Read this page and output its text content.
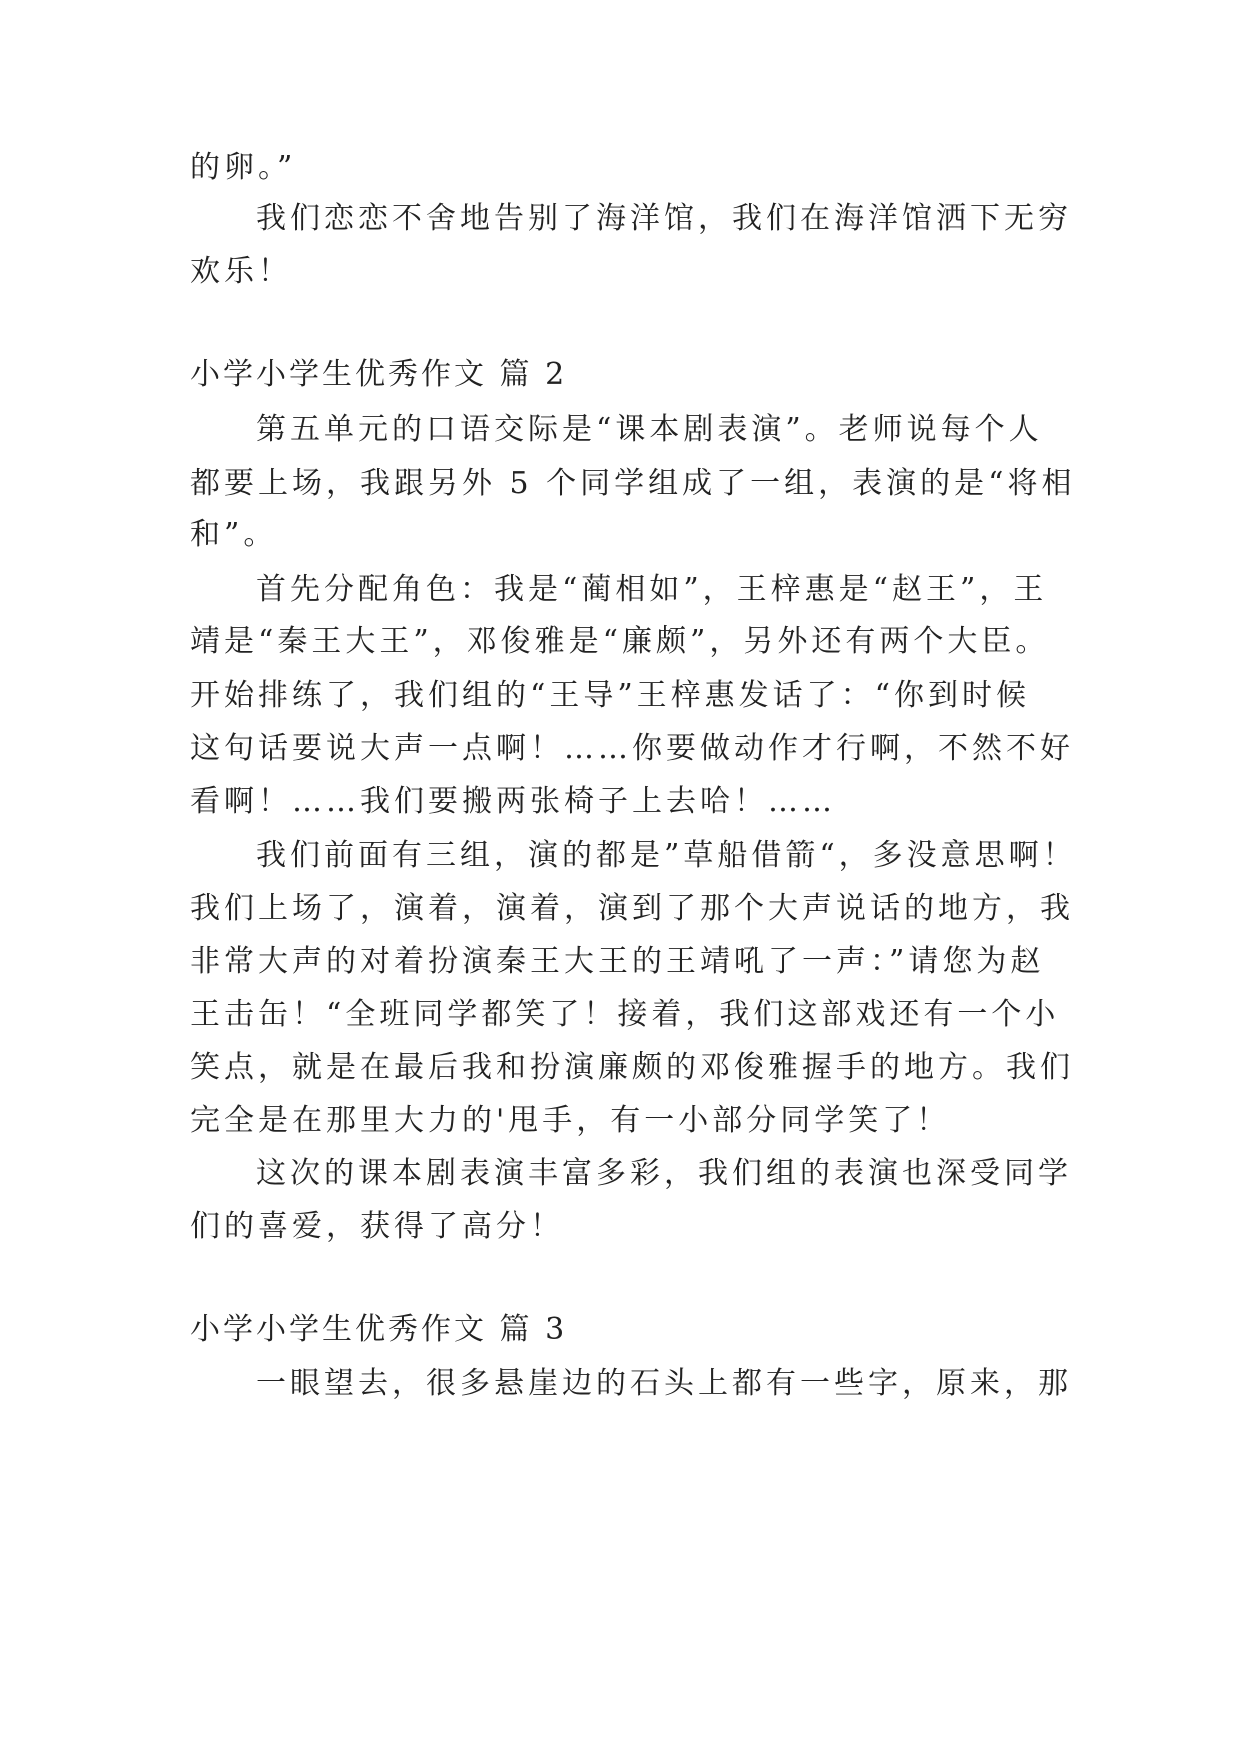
的卵。”
我们恋恋不舍地告别了海洋馆，我们在海洋馆洒下无穷
欢乐！
小学小学生优秀作文 篇 2
第五单元的口语交际是“课本剧表演”。老师说每个人
都要上场，我跟另外 5 个同学组成了一组，表演的是“将相
和”。
首先分配角色：我是“蔺相如”，王梓惠是“赵王”，王
靖是“秦王大王”，邓俊雅是“廉颇”，另外还有两个大臣。
开始排练了，我们组的“王导”王梓惠发话了：“你到时候
这句话要说大声一点啊！……你要做动作才行啊，不然不好
看啊！……我们要搬两张椅子上去哈！……
我们前面有三组，演的都是”草船借箭“，多没意思啊！
我们上场了，演着，演着，演到了那个大声说话的地方，我
非常大声的对着扮演秦王大王的王靖吼了一声：”请您为赵
王击缶！“全班同学都笑了！接着，我们这部戏还有一个小
笑点，就是在最后我和扮演廉颇的邓俊雅握手的地方。我们
完全是在那里大力的'甩手，有一小部分同学笑了！
这次的课本剧表演丰富多彩，我们组的表演也深受同学
们的喜爱，获得了高分！
小学小学生优秀作文 篇 3
一眼望去，很多悬崖边的石头上都有一些字，原来，那
